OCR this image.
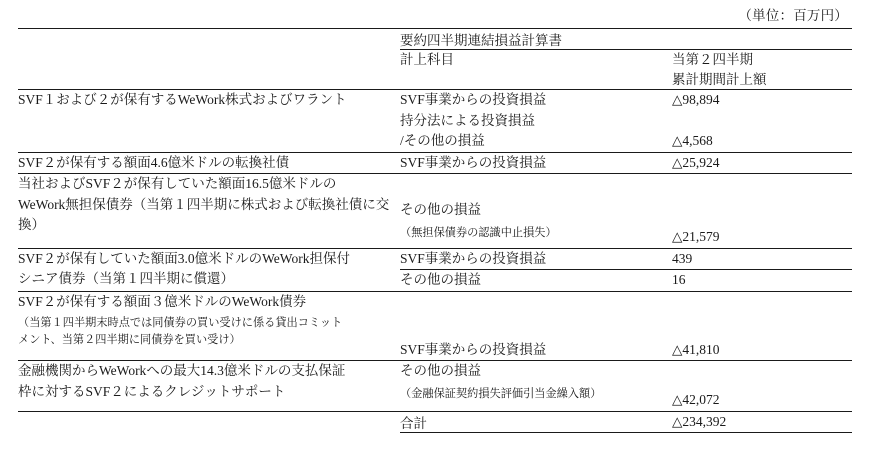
（単位：百万円）
	要約四半期連結損益計算書	
	計上科目	当第２四半期
累計期間計上額

SVF１および２が保有するWeWork株式およびワラント	SVF事業からの投資損益	△98,894

	持分法による投資損益
/その他の損益	△4,568

SVF２が保有する額面4.6億米ドルの転換社債	SVF事業からの投資損益	△25,924

当社およびSVF２が保有していた額面16.5億米ドルの
WeWork無担保債券（当第１四半期に株式および転換社債に交
換）	その他の損益
（無担保債券の認識中止損失）	△21,579

SVF２が保有していた額面3.0億米ドルのWeWork担保付
シニア債券（当第１四半期に償還）	SVF事業からの投資損益	439
	その他の損益	16

SVF２が保有する額面３億米ドルのWeWork債券
（当第１四半期末時点では同債券の買い受けに係る貸出コミット
メント、当第２四半期に同債券を買い受け）	SVF事業からの投資損益	△41,810

金融機関からWeWorkへの最大14.3億米ドルの支払保証
枠に対するSVF２によるクレジットサポート	その他の損益
（金融保証契約損失評価引当金繰入額）	△42,072
	合計	△234,392
